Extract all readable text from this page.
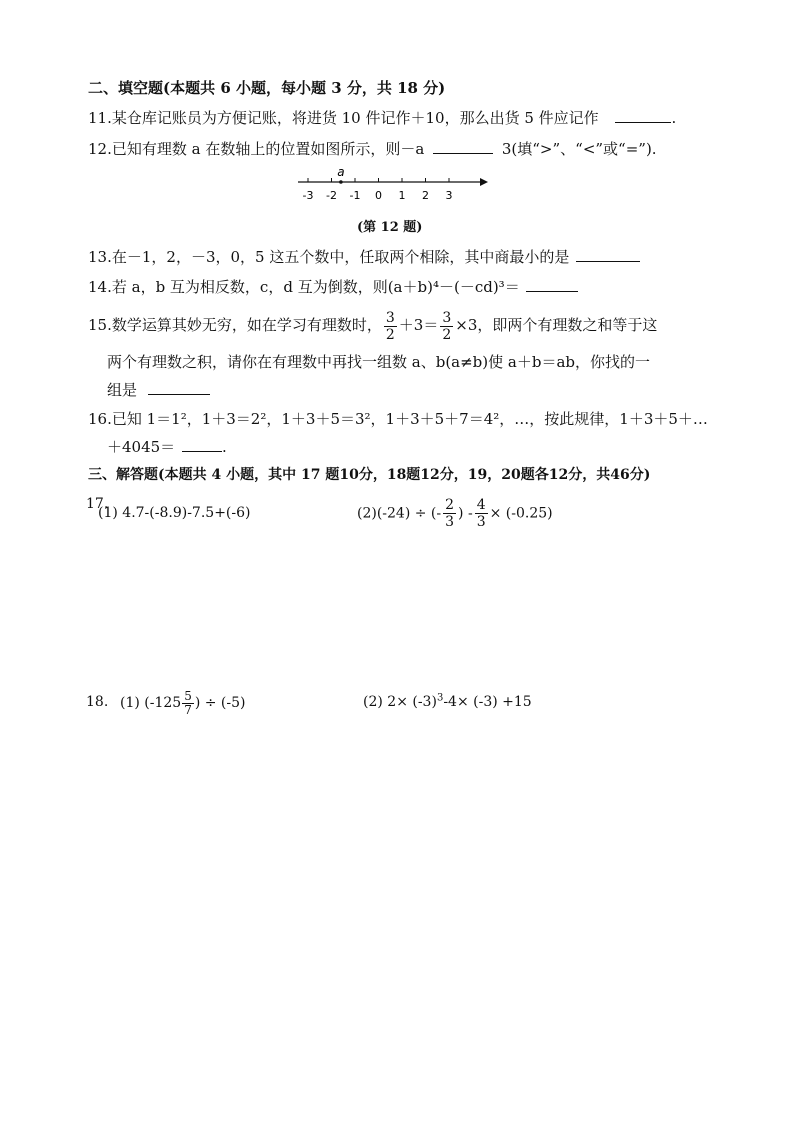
二、填空题(本题共 6 小题，每小题 3 分，共 18 分)
11.某仓库记账员为方便记账，将进货 10 件记作＋10，那么出货 5 件应记作	.
12.已知有理数 a 在数轴上的位置如图所示，则－a	3(填“>”、“<”或“=”).
-3 -2 -1 0 1 2 3
a
(第 12 题)
13.在－1，2，－3，0，5 这五个数中，任取两个相除，其中商最小的是
14.若 a，b 互为相反数，c，d 互为倒数，则(a＋b)⁴－(－cd)³＝
15.数学运算其妙无穷，如在学习有理数时， $\frac{3}{2} +3= \frac{3}{2} \times 3$，即两个有理数之和等于这
两个有理数之积，请你在有理数中再找一组数 a、b(a≠b)使 a＋b＝ab，你找的一
组是
16.已知 1＝1²，1＋3＝2²，1＋3＋5＝3²，1＋3＋5＋7＝4²，…，按此规律，1＋3＋5＋…
＋4045＝	.
三、解答题(本题共 4 小题，其中 17 题10分，18题12分，19，20题各12分，共46分)
17.
(1) 4.7-(-8.9)-7.5+(-6)	(2)(-24) ÷ (- $\frac{2}{3}$ ) - $\frac{4}{3} \times (-0.25)$
18. (1) ($-125 \frac{5}{7}$ ) ÷ (-5)	(2) $2\times (-3)^3-4\times (-3) +15$
